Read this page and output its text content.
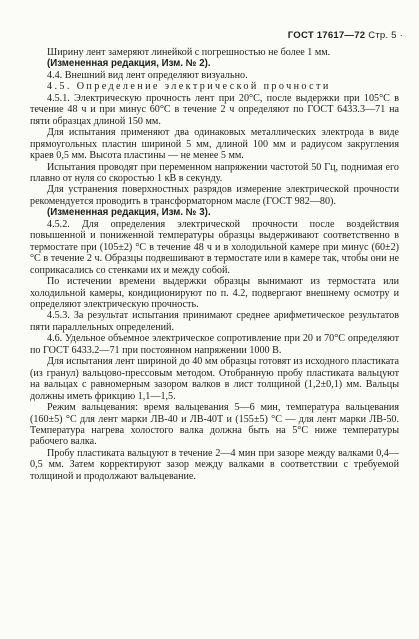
ГОСТ 17617—72 Стр. 5 ·

Ширину лент замеряют линейкой с погрешностью не более 1 мм.

(Измененная редакция, Изм. № 2).

4.4. Внешний вид лент определяют визуально.

4.5. Определение электрической прочности

4.5.1. Электрическую прочность лент при 20°С, после выдержки при 105°С в течение 48 ч и при минус 60°С в течение 2 ч определяют по ГОСТ 6433.3—71 на пяти образцах длиной 150 мм.

Для испытания применяют два одинаковых металлических электрода в виде прямоугольных пластин шириной 5 мм, длиной 100 мм и радиусом закругления краев 0,5 мм. Высота пластины — не менее 5 мм.

Испытания проводят при переменном напряжении частотой 50 Гц, поднимая его плавно от нуля со скоростью 1 кВ в секунду.

Для устранения поверхностных разрядов измерение электрической прочности рекомендуется проводить в трансформаторном масле (ГОСТ 982—80).

(Измененная редакция, Изм. № 3).

4.5.2. Для определения электрической прочности после воздействия повышенной и пониженной температуры образцы выдерживают соответственно в термостате при (105±2) °С в течение 48 ч и в холодильной камере при минус (60±2) °С в течение 2 ч. Образцы подвешивают в термостате или в камере так, чтобы они не соприкасались со стенками их и между собой.

По истечении времени выдержки образцы вынимают из термостата или холодильной камеры, кондиционируют по п. 4.2, подвергают внешнему осмотру и определяют электрическую прочность.

4.5.3. За результат испытания принимают среднее арифметическое результатов пяти параллельных определений.

4.6. Удельное объемное электрическое сопротивление при 20 и 70°С определяют по ГОСТ 6433.2—71 при постоянном напряжении 1000 В.

Для испытания лент шириной до 40 мм образцы готовят из исходного пластиката (из гранул) вальцово-прессовым методом. Отобранную пробу пластиката вальцуют на вальцах с равномерным зазором валков в лист толщиной (1,2±0,1) мм. Вальцы должны иметь фрикцию 1,1—1,5.

Режим вальцевания: время вальцевания 5—6 мин, температура вальцевания (160±5) °С для лент марки ЛВ-40 и ЛВ-40Т и (155±5) °С — для лент марки ЛВ-50. Температура нагрева холостого валка должна быть на 5°С ниже температуры рабочего валка.

Пробу пластиката вальцуют в течение 2—4 мин при зазоре между валками 0,4—0,5 мм. Затем корректируют зазор между валками в соответствии с требуемой толщиной и продолжают вальцевание.
